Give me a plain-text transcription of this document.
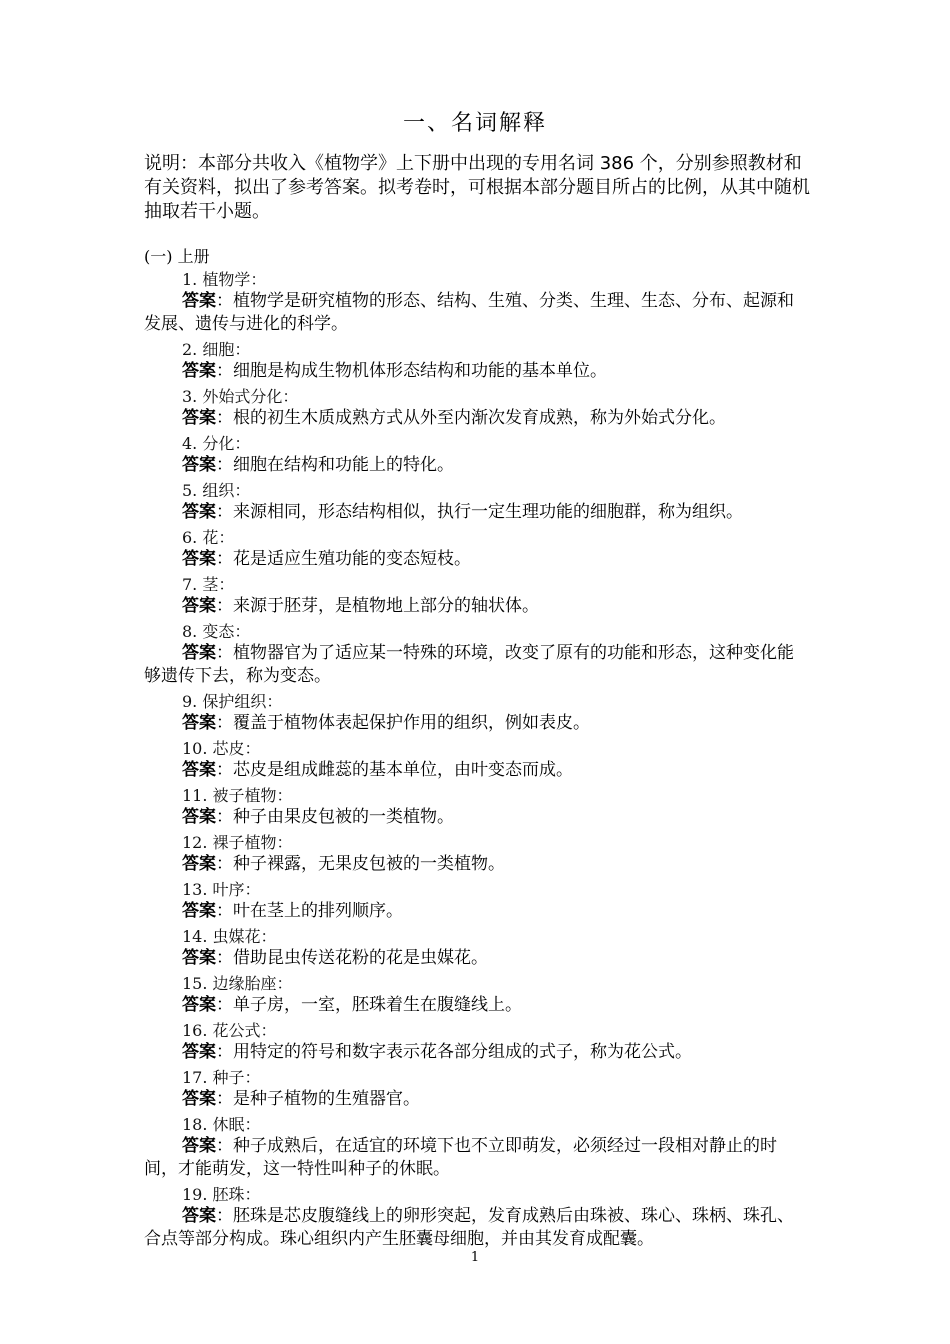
一、名词解释
说明：本部分共收入《植物学》上下册中出现的专用名词 386 个，分别参照教材和有关资料，拟出了参考答案。拟考卷时，可根据本部分题目所占的比例，从其中随机抽取若干小题。
(一) 上册
1. 植物学：
答案：植物学是研究植物的形态、结构、生殖、分类、生理、生态、分布、起源和发展、遗传与进化的科学。
2. 细胞：
答案：细胞是构成生物机体形态结构和功能的基本单位。
3. 外始式分化：
答案：根的初生木质成熟方式从外至内渐次发育成熟，称为外始式分化。
4. 分化：
答案：细胞在结构和功能上的特化。
5. 组织：
答案：来源相同，形态结构相似，执行一定生理功能的细胞群，称为组织。
6. 花：
答案：花是适应生殖功能的变态短枝。
7. 茎：
答案：来源于胚芽，是植物地上部分的轴状体。
8. 变态：
答案：植物器官为了适应某一特殊的环境，改变了原有的功能和形态，这种变化能够遗传下去，称为变态。
9. 保护组织：
答案：覆盖于植物体表起保护作用的组织，例如表皮。
10. 芯皮：
答案：芯皮是组成雌蕊的基本单位，由叶变态而成。
11. 被子植物：
答案：种子由果皮包被的一类植物。
12. 裸子植物：
答案：种子裸露，无果皮包被的一类植物。
13. 叶序：
答案：叶在茎上的排列顺序。
14. 虫媒花：
答案：借助昆虫传送花粉的花是虫媒花。
15. 边缘胎座：
答案：单子房，一室，胚珠着生在腹缝线上。
16. 花公式：
答案：用特定的符号和数字表示花各部分组成的式子，称为花公式。
17. 种子：
答案：是种子植物的生殖器官。
18. 休眠：
答案：种子成熟后，在适宜的环境下也不立即萌发，必须经过一段相对静止的时间，才能萌发，这一特性叫种子的休眠。
19. 胚珠：
答案：胚珠是芯皮腹缝线上的卵形突起，发育成熟后由珠被、珠心、珠柄、珠孔、合点等部分构成。珠心组织内产生胚囊母细胞，并由其发育成配囊。
1
